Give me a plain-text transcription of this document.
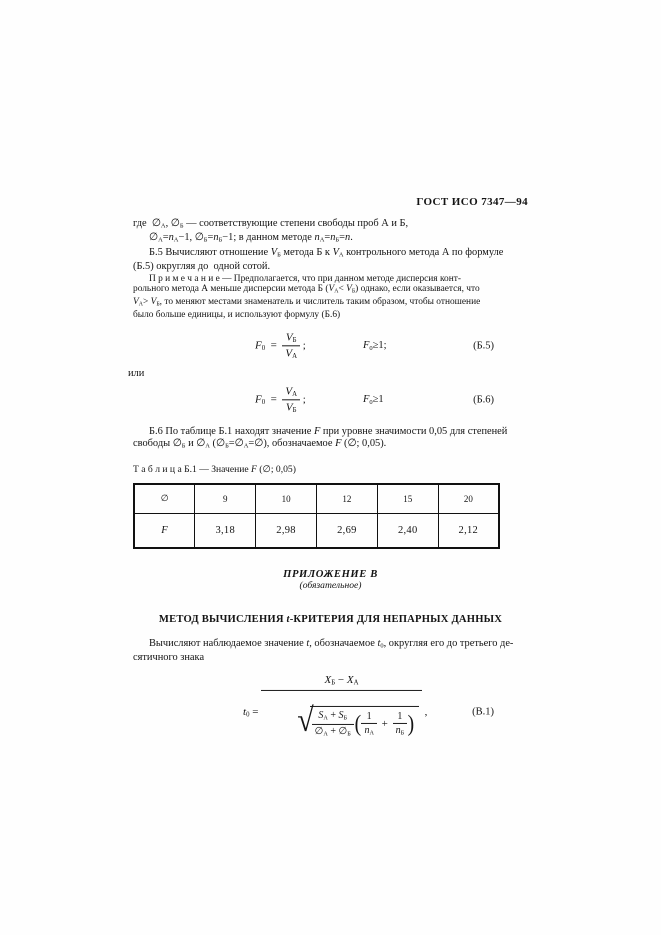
ГОСТ ИСО 7347—94
где  ∅А, ∅Б — соответствующие степени свободы проб А и Б,
∅А=nА−1, ∅Б=nБ−1; в данном методе nА=nБ=n.
Б.5 Вычисляют отношение VБ метода Б к VА контрольного метода А по формуле
(Б.5) округляя до  одной сотой.
П р и м е ч а н и е — Предполагается, что при данном методе дисперсия конт-
рольного метода А меньше дисперсии метода Б (VА< VБ) однако, если оказывается, что
VА> VБ, то меняют местами знаменатель и числитель таким образом, чтобы отношение
было больше единицы, и используют формулу (Б.6)
$F0 = \frac{VБ}{VА}$ ;	F0≥1;	(Б.5)
или
$F0 = \frac{VА}{VБ}$ ;	F0≥1	(Б.6)
Б.6 По таблице Б.1 находят значение F при уровне значимости 0,05 для степеней
свободы ∅Б и ∅А (∅Б=∅А=∅), обозначаемое F (∅; 0,05).
Т а б л и ц а Б.1 — Значение F (∅; 0,05)
∅	9	10	12	15	20
F	3,18	2,98	2,69	2,40	2,12
ПРИЛОЖЕНИЕ В
(обязательное)
МЕТОД ВЫЧИСЛЕНИЯ t-КРИТЕРИЯ ДЛЯ НЕПАРНЫХ ДАННЫХ
Вычисляют наблюдаемое значение t, обозначаемое t0, округляя его до третьего де-
сятичного знака
t0 =
XБ − XА

√
$\frac{SА + SБ}{\emptyset А + \emptyset Б}$ ( $\frac{1}{nА} + \frac{1}{nБ}$ )

,	(В.1)
